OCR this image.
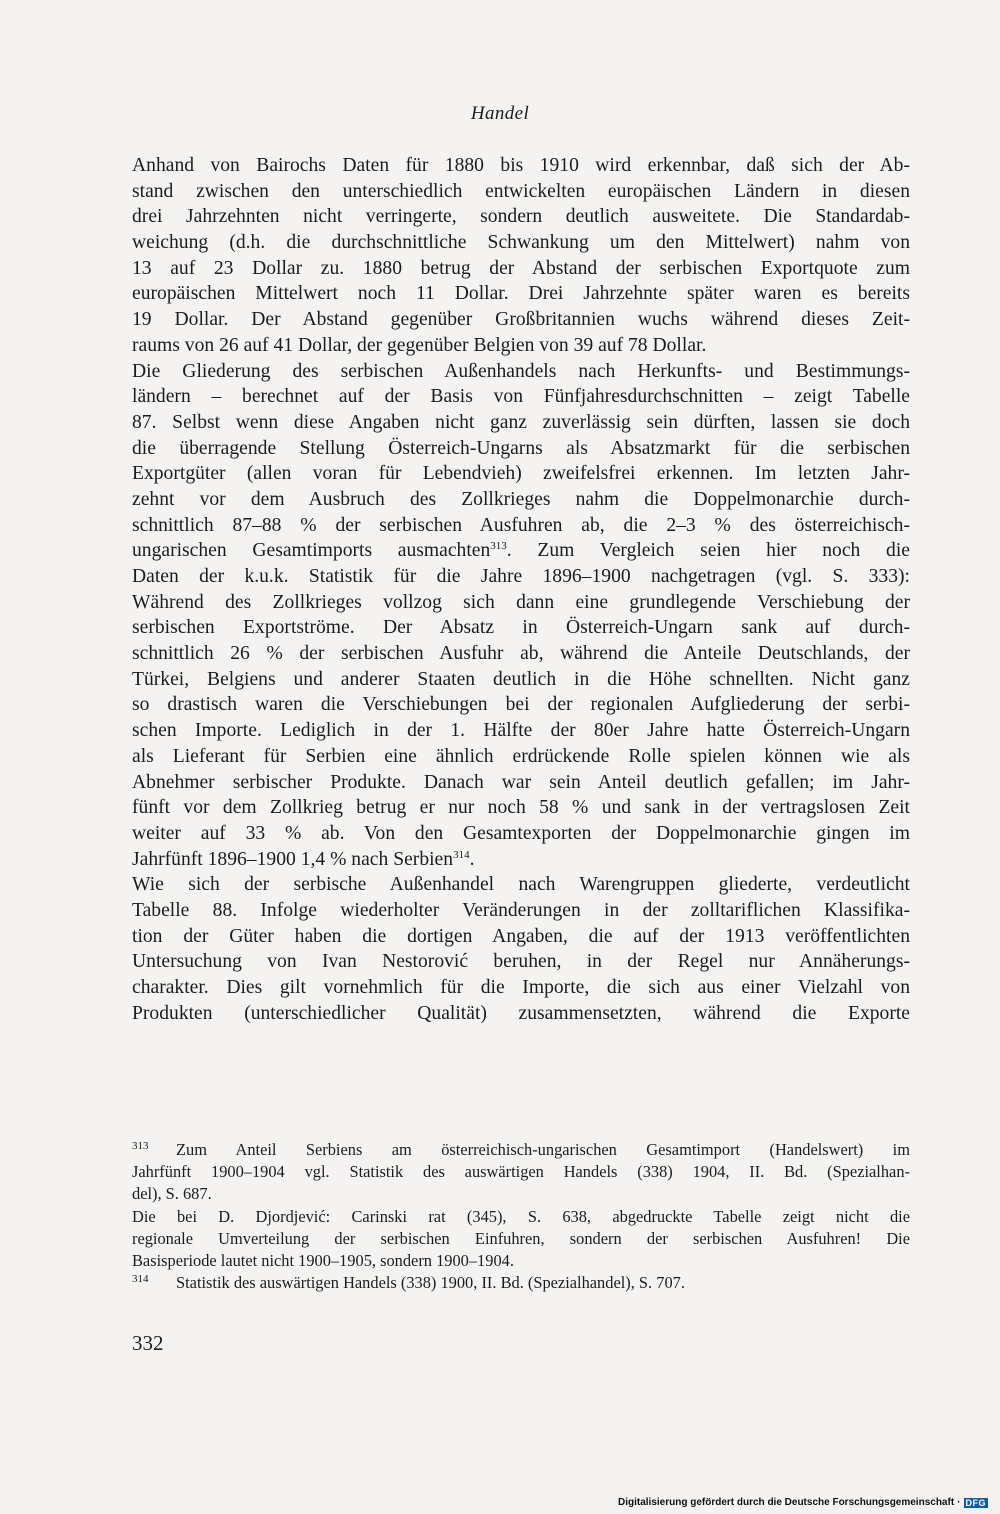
Handel
Anhand von Bairochs Daten für 1880 bis 1910 wird erkennbar, daß sich der Ab-
stand zwischen den unterschiedlich entwickelten europäischen Ländern in diesen
drei Jahrzehnten nicht verringerte, sondern deutlich ausweitete. Die Standardab-
weichung (d.h. die durchschnittliche Schwankung um den Mittelwert) nahm von
13 auf 23 Dollar zu. 1880 betrug der Abstand der serbischen Exportquote zum
europäischen Mittelwert noch 11 Dollar. Drei Jahrzehnte später waren es bereits
19 Dollar. Der Abstand gegenüber Großbritannien wuchs während dieses Zeit-
raums von 26 auf 41 Dollar, der gegenüber Belgien von 39 auf 78 Dollar.
Die Gliederung des serbischen Außenhandels nach Herkunfts- und Bestimmungs-
ländern – berechnet auf der Basis von Fünfjahresdurchschnitten – zeigt Tabelle
87. Selbst wenn diese Angaben nicht ganz zuverlässig sein dürften, lassen sie doch
die überragende Stellung Österreich-Ungarns als Absatzmarkt für die serbischen
Exportgüter (allen voran für Lebendvieh) zweifelsfrei erkennen. Im letzten Jahr-
zehnt vor dem Ausbruch des Zollkrieges nahm die Doppelmonarchie durch-
schnittlich 87–88 % der serbischen Ausfuhren ab, die 2–3 % des österreichisch-
ungarischen Gesamtimports ausmachten$^{313}$. Zum Vergleich seien hier noch die
Daten der k.u.k. Statistik für die Jahre 1896–1900 nachgetragen (vgl. S. 333):
Während des Zollkrieges vollzog sich dann eine grundlegende Verschiebung der
serbischen Exportströme. Der Absatz in Österreich-Ungarn sank auf durch-
schnittlich 26 % der serbischen Ausfuhr ab, während die Anteile Deutschlands, der
Türkei, Belgiens und anderer Staaten deutlich in die Höhe schnellten. Nicht ganz
so drastisch waren die Verschiebungen bei der regionalen Aufgliederung der serbi-
schen Importe. Lediglich in der 1. Hälfte der 80er Jahre hatte Österreich-Ungarn
als Lieferant für Serbien eine ähnlich erdrückende Rolle spielen können wie als
Abnehmer serbischer Produkte. Danach war sein Anteil deutlich gefallen; im Jahr-
fünft vor dem Zollkrieg betrug er nur noch 58 % und sank in der vertragslosen Zeit
weiter auf 33 % ab. Von den Gesamtexporten der Doppelmonarchie gingen im
Jahrfünft 1896–1900 1,4 % nach Serbien$^{314}$.
Wie sich der serbische Außenhandel nach Warengruppen gliederte, verdeutlicht
Tabelle 88. Infolge wiederholter Veränderungen in der zolltariflichen Klassifika-
tion der Güter haben die dortigen Angaben, die auf der 1913 veröffentlichten
Untersuchung von Ivan Nestorović beruhen, in der Regel nur Annäherungs-
charakter. Dies gilt vornehmlich für die Importe, die sich aus einer Vielzahl von
Produkten (unterschiedlicher Qualität) zusammensetzten, während die Exporte
313 Zum Anteil Serbiens am österreichisch-ungarischen Gesamtimport (Handelswert) im
Jahrfünft 1900–1904 vgl. Statistik des auswärtigen Handels (338) 1904, II. Bd. (Spezialhan-
del), S. 687.
Die bei D. Djordjević: Carinski rat (345), S. 638, abgedruckte Tabelle zeigt nicht die
regionale Umverteilung der serbischen Einfuhren, sondern der serbischen Ausfuhren! Die
Basisperiode lautet nicht 1900–1905, sondern 1900–1904.
314 Statistik des auswärtigen Handels (338) 1900, II. Bd. (Spezialhandel), S. 707.
332
Digitalisierung gefördert durch die Deutsche Forschungsgemeinschaft · DFG
